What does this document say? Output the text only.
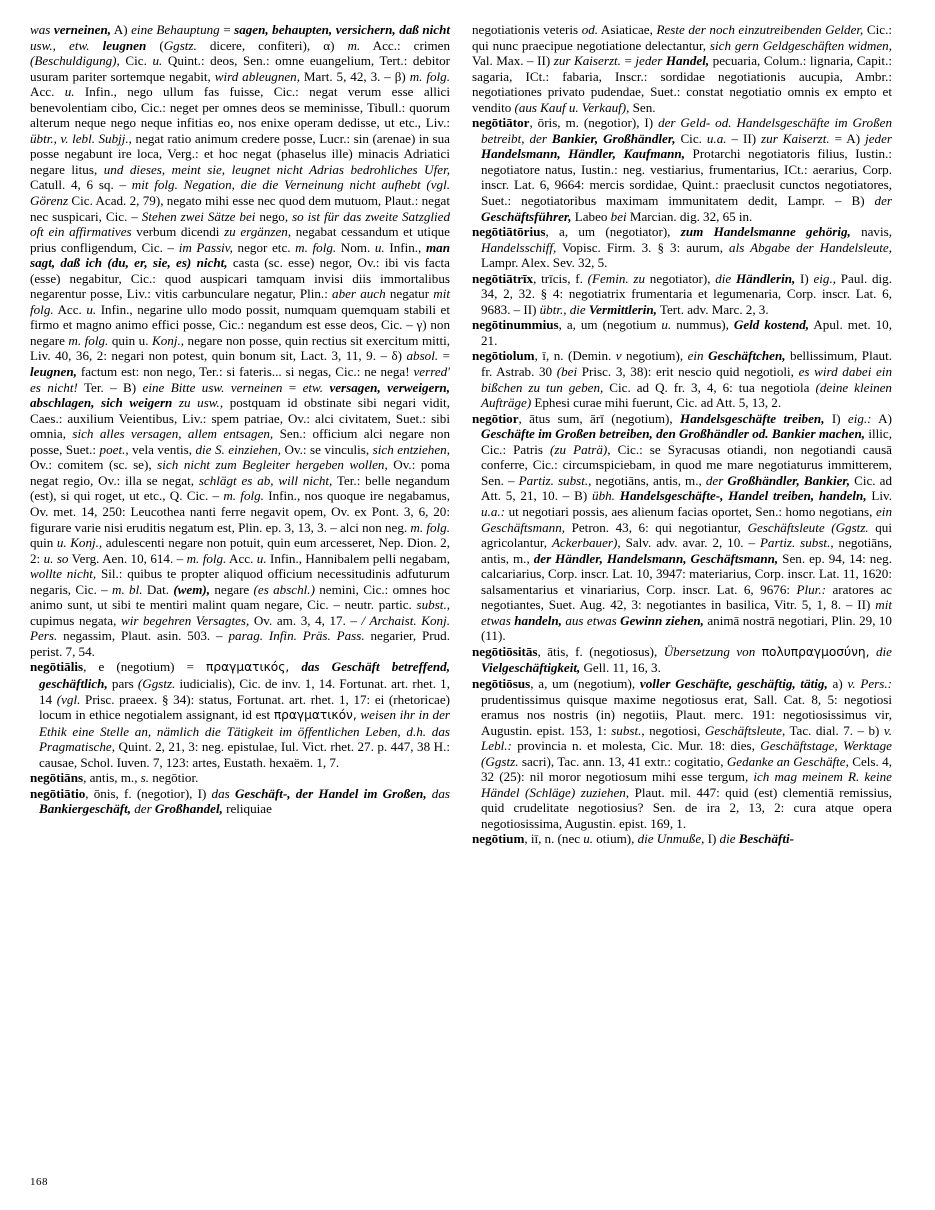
was verneinen, A) eine Behauptung = sagen, behaupten, versichern, daß nicht usw., etw. leugnen (Ggstz. dicere, confiteri), α) m. Acc.: crimen (Beschuldigung), Cic. u. Quint.: deos, Sen.: omne euangelium, Tert.: debitor usuram pariter sortemque negabit, wird ableugnen, Mart. 5, 42, 3. – β) m. folg. Acc. u. Infin., nego ullum fas fuisse, Cic.: negat verum esse allici benevolentiam cibo, Cic.: neget per omnes deos se meminisse, Tibull.: quorum alterum neque nego neque infitias eo, nos enixe operam dedisse, ut etc., Liv.: übtr., v. lebl. Subjj., negat ratio animum credere posse, Lucr.: sin (arenae) in sua posse negabunt ire loca, Verg.: et hoc negat (phaselus ille) minacis Adriatici negare litus, und dieses, meint sie, leugnet nicht Adrias bedrohliches Ufer, Catull. 4, 6 sq. – mit folg. Negation, die die Verneinung nicht aufhebt (vgl. Görenz Cic. Acad. 2, 79), negato mihi esse nec quod dem mutuom, Plaut.: negat nec suspicari, Cic. – Stehen zwei Sätze bei nego, so ist für das zweite Satzglied oft ein affirmatives verbum dicendi zu ergänzen, negabat cessandum et utique prius confligendum, Cic. – im Passiv, negor etc. m. folg. Nom. u. Infin., man sagt, daß ich (du, er, sie, es) nicht, casta (sc. esse) negor, Ov.: ibi vis facta (esse) negabitur, Cic.: quod auspicari tamquam invisi diis immortalibus negarentur posse, Liv.: vitis carbunculare negatur, Plin.: aber auch negatur mit folg. Acc. u. Infin., negarine ullo modo possit, numquam quemquam stabili et firmo et magno animo effici posse, Cic.: negandum est esse deos, Cic. – γ) non negare m. folg. quin u. Konj., negare non posse, quin rectius sit exercitum mitti, Liv. 40, 36, 2: negari non potest, quin bonum sit, Lact. 3, 11, 9. – δ) absol. = leugnen, factum est: non nego, Ter.: si fateris... si negas, Cic.: ne nega! verred' es nicht! Ter. – B) eine Bitte usw. verneinen = etw. versagen, verweigern, abschlagen, sich weigern zu usw., postquam id obstinate sibi negari vidit, Caes.: auxilium Veientibus, Liv.: spem patriae, Ov.: alci civitatem, Suet.: sibi omnia, sich alles versagen, allem entsagen, Sen.: officium alci negare non posse, Suet.: poet., vela ventis, die S. einziehen, Ov.: se vinculis, sich entziehen, Ov.: comitem (sc. se), sich nicht zum Begleiter hergeben wollen, Ov.: poma negat regio, Ov.: illa se negat, schlägt es ab, will nicht, Ter.: belle negandum (est), si qui roget, ut etc., Q. Cic. – m. folg. Infin., nos quoque ire negabamus, Ov. met. 14, 250: Leucothea nanti ferre negavit opem, Ov. ex Pont. 3, 6, 20: figurare varie nisi eruditis negatum est, Plin. ep. 3, 13, 3. – alci non neg. m. folg. quin u. Konj., adulescenti negare non potuit, quin eum arcesseret, Nep. Dion. 2, 2: u. so Verg. Aen. 10, 614. – m. folg. Acc. u. Infin., Hannibalem pelli negabam, wollte nicht, Sil.: quibus te propter aliquod officium necessitudinis adfuturum negaris, Cic. – m. bl. Dat. (wem), negare (es abschl.) nemini, Cic.: omnes hoc animo sunt, ut sibi te mentiri malint quam negare, Cic. – neutr. partic. subst., cupimus negata, wir begehren Versagtes, Ov. am. 3, 4, 17. – / Archaist. Konj. Pers. negassim, Plaut. asin. 503. – parag. Infin. Präs. Pass. negarier, Prud. perist. 7, 54.

negōtiālis, e (negotium) = πραγματικός, das Geschäft betreffend, geschäftlich, pars (Ggstz. iudicialis), Cic. de inv. 1, 14. Fortunat. art. rhet. 1, 14 (vgl. Prisc. praeex. § 34): status, Fortunat. art. rhet. 1, 17: ei (rhetoricae) locum in ethice negotialem assignant, id est πραγματικόν, weisen ihr in der Ethik eine Stelle an, nämlich die Tätigkeit im öffentlichen Leben, d.h. das Pragmatische, Quint. 2, 21, 3: neg. epistulae, Iul. Vict. rhet. 27. p. 447, 38 H.: causae, Schol. Iuven. 7, 123: artes, Eustath. hexaëm. 1, 7.

negōtiāns, antis, m., s. negōtior.

negōtiātio, ōnis, f. (negotior), I) das Geschäft-, der Handel im Großen, das Bankiergeschäft, der Großhandel, reliquiae

negotiationis veteris od. Asiaticae, Reste der noch einzutreibenden Gelder, Cic.: qui nunc praecipue negotiatione delectantur, sich gern Geldgeschäften widmen, Val. Max. – II) zur Kaiserzt. = jeder Handel, pecuaria, Colum.: lignaria, Capit.: sagaria, ICt.: fabaria, Inscr.: sordidae negotiationis aucupia, Ambr.: negotiationes privato pudendae, Suet.: constat negotiatio omnis ex empto et vendito (aus Kauf u. Verkauf), Sen.

negōtiātor, ōris, m. (negotior), I) der Geld- od. Handelsgeschäfte im Großen betreibt, der Bankier, Großhändler, Cic. u.a. – II) zur Kaiserzt. = A) jeder Handelsmann, Händler, Kaufmann, Protarchi negotiatoris filius, Iustin.: negotiatore natus, Iustin.: neg. vestiarius, frumentarius, ICt.: aerarius, Corp. inscr. Lat. 6, 9664: mercis sordidae, Quint.: praeclusit cunctos negotiatores, Suet.: negotiatoribus maximam immunitatem dedit, Lampr. – B) der Geschäftsführer, Labeo bei Marcian. dig. 32, 65 in.

negōtiātōrius, a, um (negotiator), zum Handelsmanne gehörig, navis, Handelsschiff, Vopisc. Firm. 3. § 3: aurum, als Abgabe der Handelsleute, Lampr. Alex. Sev. 32, 5.

negōtiātrīx, trīcis, f. (Femin. zu negotiator), die Händlerin, I) eig., Paul. dig. 34, 2, 32. § 4: negotiatrix frumentaria et legumenaria, Corp. inscr. Lat. 6, 9683. – II) übtr., die Vermittlerin, Tert. adv. Marc. 2, 3.

negōtinummius, a, um (negotium u. nummus), Geld kostend, Apul. met. 10, 21.

negōtiolum, ī, n. (Demin. v negotium), ein Geschäftchen, bellissimum, Plaut. fr. Astrab. 30 (bei Prisc. 3, 38): erit nescio quid negotioli, es wird dabei ein bißchen zu tun geben, Cic. ad Q. fr. 3, 4, 6: tua negotiola (deine kleinen Aufträge) Ephesi curae mihi fuerunt, Cic. ad Att. 5, 13, 2.

negōtior, ātus sum, ārī (negotium), Handelsgeschäfte treiben, I) eig.: A) Geschäfte im Großen betreiben, den Großhändler od. Bankier machen, illic, Cic.: Patris (zu Paträ), Cic.: se Syracusas otiandi, non negotiandi causā conferre, Cic.: circumspiciebam, in quod me mare negotiaturus immitterem, Sen. – Partiz. subst., negotiāns, antis, m., der Großhändler, Bankier, Cic. ad Att. 5, 21, 10. – B) übh. Handelsgeschäfte-, Handel treiben, handeln, Liv. u.a.: ut negotiari possis, aes alienum facias oportet, Sen.: homo negotians, ein Geschäftsmann, Petron. 43, 6: qui negotiantur, Geschäftsleute (Ggstz. qui agricolantur, Ackerbauer), Salv. adv. avar. 2, 10. – Partiz. subst., negotiāns, antis, m., der Händler, Handelsmann, Geschäftsmann, Sen. ep. 94, 14: neg. calcariarius, Corp. inscr. Lat. 10, 3947: materiarius, Corp. inscr. Lat. 11, 1620: salsamentarius et vinariarius, Corp. inscr. Lat. 6, 9676: Plur.: aratores ac negotiantes, Suet. Aug. 42, 3: negotiantes in basilica, Vitr. 5, 1, 8. – II) mit etwas handeln, aus etwas Gewinn ziehen, animā nostrā negotiari, Plin. 29, 10 (11).

negōtiōsitās, ātis, f. (negotiosus), Übersetzung von πολυπραγμοσύνη, die Vielgeschäftigkeit, Gell. 11, 16, 3.

negōtiōsus, a, um (negotium), voller Geschäfte, geschäftig, tätig, a) v. Pers.: prudentissimus quisque maxime negotiosus erat, Sall. Cat. 8, 5: negotiosi eramus nos nostris (in) negotiis, Plaut. merc. 191: negotiosissimus vir, Augustin. epist. 153, 1: subst., negotiosi, Geschäftsleute, Tac. dial. 7. – b) v. Lebl.: provincia n. et molesta, Cic. Mur. 18: dies, Geschäftstage, Werktage (Ggstz. sacri), Tac. ann. 13, 41 extr.: cogitatio, Gedanke an Geschäfte, Cels. 4, 32 (25): nil moror negotiosum mihi esse tergum, ich mag meinem R. keine Händel (Schläge) zuziehen, Plaut. mil. 447: quid (est) clementiā remissius, quid crudelitate negotiosius? Sen. de ira 2, 13, 2: cura atque opera negotiosissima, Augustin. epist. 169, 1.

negōtium, iī, n. (nec u. otium), die Unmuße, I) die Beschäfti-

168
